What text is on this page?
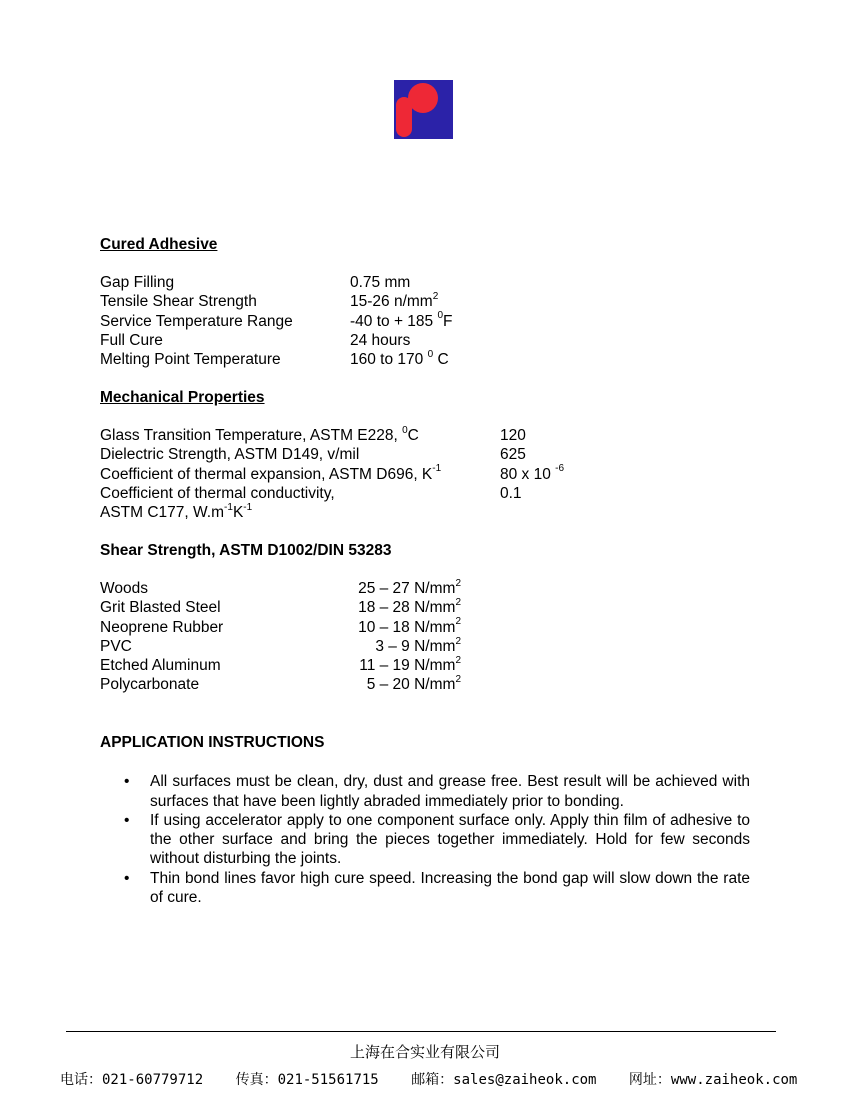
Cured Adhesive

Gap Filling	0.75 mm
Tensile Shear Strength	15-26 $n/mm^2$
Service Temperature Range	-40 to + 185 $^0$F
Full Cure	24 hours
Melting Point Temperature	160 to 170 $^0$ C

Mechanical Properties

Glass Transition Temperature, ASTM E228, $^0$C	120
Dielectric Strength, ASTM D149, v/mil	625
Coefficient of thermal expansion, ASTM D696, $K^{-1}$	80 x 10 $^{-6}$
Coefficient of thermal conductivity,	0.1
ASTM C177, $W.m^{-1}K^{-1}$

Shear Strength, ASTM D1002/DIN 53283

Woods	25 – 27 $N/mm^2$
Grit Blasted Steel	18 – 28 $N/mm^2$
Neoprene Rubber	10 – 18 $N/mm^2$
PVC	3 – 9 $N/mm^2$
Etched Aluminum	11 – 19 $N/mm^2$
Polycarbonate	5 – 20 $N/mm^2$

APPLICATION INSTRUCTIONS

• All surfaces must be clean, dry, dust and grease free. Best result will be achieved with surfaces that have been lightly abraded immediately prior to bonding.
• If using accelerator apply to one component surface only. Apply thin film of adhesive to the other surface and bring the pieces together immediately. Hold for few seconds without disturbing the joints.
• Thin bond lines favor high cure speed. Increasing the bond gap will slow down the rate of cure.
上海在合实业有限公司
电话：021-60779712 传真：021-51561715 邮箱：sales@zaiheok.com 网址：www.zaiheok.com
